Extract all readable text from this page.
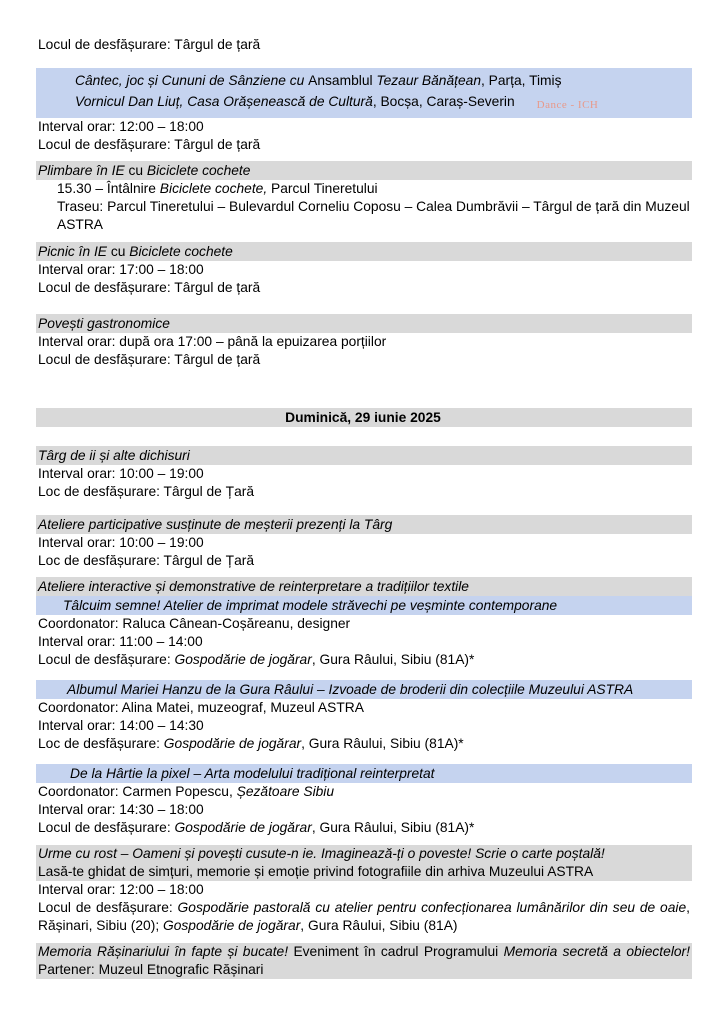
Locul de desfășurare: Târgul de țară
Cântec, joc și Cununi de Sânziene cu Ansamblul Tezaur Bănățean, Parța, Timiș
Vornicul Dan Liuț, Casa Orășenească de Cultură, Bocșa, Caraș-Severin Dance - ICH
Interval orar: 12:00 – 18:00
Locul de desfășurare: Târgul de țară
Plimbare în IE cu Biciclete cochete
15.30 – Întâlnire Biciclete cochete, Parcul Tineretului
Traseu: Parcul Tineretului – Bulevardul Corneliu Coposu – Calea Dumbrăvii – Târgul de țară din Muzeul ASTRA
Picnic în IE cu Biciclete cochete
Interval orar: 17:00 – 18:00
Locul de desfășurare: Târgul de țară
Povești gastronomice
Interval orar: după ora 17:00 – până la epuizarea porțiilor
Locul de desfășurare: Târgul de țară
Duminică, 29 iunie 2025
Târg de ii și alte dichisuri
Interval orar: 10:00 – 19:00
Loc de desfășurare: Târgul de Țară
Ateliere participative susținute de meșterii prezenți la Târg
Interval orar: 10:00 – 19:00
Loc de desfășurare: Târgul de Țară
Ateliere interactive și demonstrative de reinterpretare a tradițiilor textile
Tâlcuim semne! Atelier de imprimat modele străvechi pe veșminte contemporane
Coordonator: Raluca Cânean-Coșăreanu, designer
Interval orar: 11:00 – 14:00
Locul de desfășurare: Gospodărie de jogărar, Gura Râului, Sibiu (81A)*
Albumul Mariei Hanzu de la Gura Râului – Izvoade de broderii din colecțiile Muzeului ASTRA
Coordonator: Alina Matei, muzeograf, Muzeul ASTRA
Interval orar: 14:00 – 14:30
Loc de desfășurare: Gospodărie de jogărar, Gura Râului, Sibiu (81A)*
De la Hârtie la pixel – Arta modelului tradițional reinterpretat
Coordonator: Carmen Popescu, Șezătoare Sibiu
Interval orar: 14:30 – 18:00
Locul de desfășurare: Gospodărie de jogărar, Gura Râului, Sibiu (81A)*
Urme cu rost – Oameni și povești cusute-n ie. Imaginează-ți o poveste! Scrie o carte poștală!
Lasă-te ghidat de simțuri, memorie și emoție privind fotografiile din arhiva Muzeului ASTRA
Interval orar: 12:00 – 18:00
Locul de desfășurare: Gospodărie pastorală cu atelier pentru confecționarea lumânărilor din seu de oaie, Rășinari, Sibiu (20); Gospodărie de jogărar, Gura Râului, Sibiu (81A)
Memoria Rășinariului în fapte și bucate! Eveniment în cadrul Programului Memoria secretă a obiectelor! Partener: Muzeul Etnografic Rășinari
